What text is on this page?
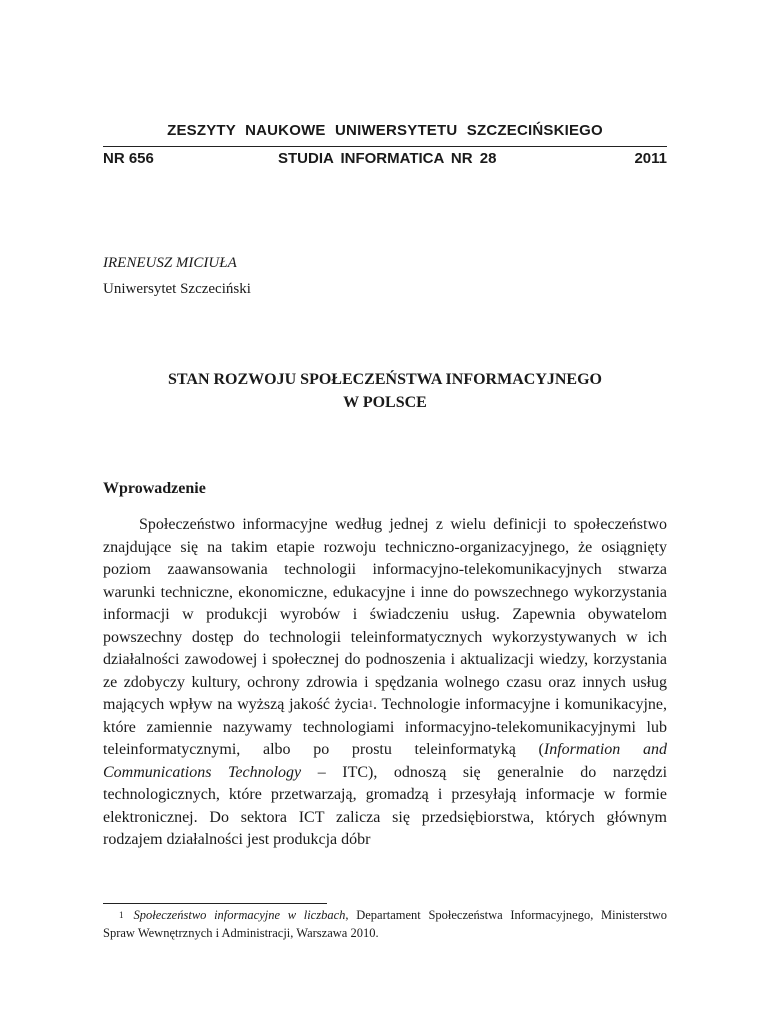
ZESZYTY NAUKOWE UNIWERSYTETU SZCZECIŃSKIEGO
NR 656	STUDIA INFORMATICA NR 28	2011
IRENEUSZ MICIUŁA
Uniwersytet Szczeciński
STAN ROZWOJU SPOŁECZEŃSTWA INFORMACYJNEGO
W POLSCE
Wprowadzenie

Społeczeństwo informacyjne według jednej z wielu definicji to społeczeństwo znajdujące się na takim etapie rozwoju techniczno-organizacyjnego, że osiągnięty poziom zaawansowania technologii informacyjno-telekomunikacyjnych stwarza warunki techniczne, ekonomiczne, edukacyjne i inne do powszechnego wykorzystania informacji w produkcji wyrobów i świadczeniu usług. Zapewnia obywatelom powszechny dostęp do technologii teleinformatycznych wykorzystywanych w ich działalności zawodowej i społecznej do podnoszenia i aktualizacji wiedzy, korzystania ze zdobyczy kultury, ochrony zdrowia i spędzania wolnego czasu oraz innych usług mających wpływ na wyższą jakość życia$^1$. Technologie informacyjne i komunikacyjne, które zamiennie nazywamy technologiami informacyjno-telekomunikacyjnymi lub teleinformatycznymi, albo po prostu teleinformatyką (Information and Communications Technology – ITC), odnoszą się generalnie do narzędzi technologicznych, które przetwarzają, gromadzą i przesyłają informacje w formie elektronicznej. Do sektora ICT zalicza się przedsiębiorstwa, których głównym rodzajem działalności jest produkcja dóbr

$^1$ Społeczeństwo informacyjne w liczbach, Departament Społeczeństwa Informacyjnego, Ministerstwo Spraw Wewnętrznych i Administracji, Warszawa 2010.
